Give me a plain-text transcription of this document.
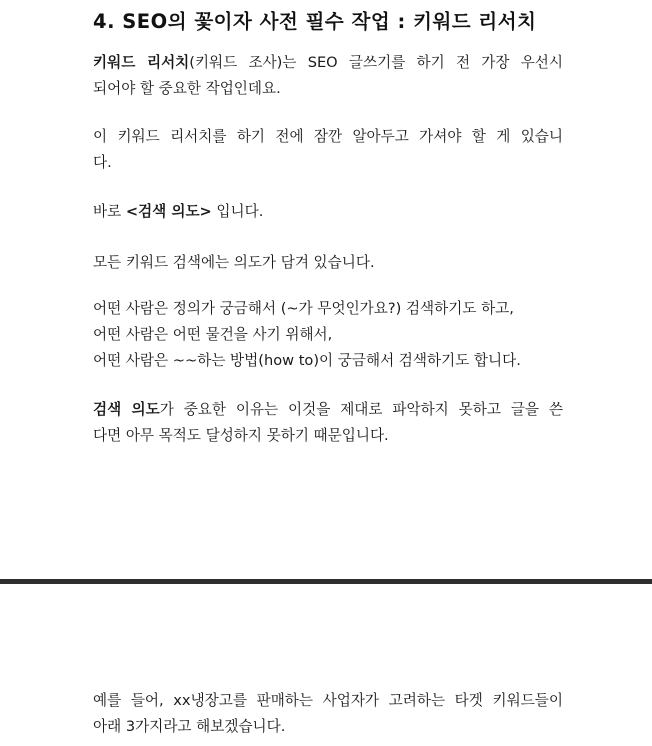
4. SEO의 꽃이자 사전 필수 작업 : 키워드 리서치
키워드 리서치(키워드 조사)는 SEO 글쓰기를 하기 전 가장 우선시
되어야 할 중요한 작업인데요.
이 키워드 리서치를 하기 전에 잠깐 알아두고 가셔야 할 게 있습니
다.
바로 <검색 의도> 입니다.
모든 키워드 검색에는 의도가 담겨 있습니다.
어떤 사람은 정의가 궁금해서 (~가 무엇인가요?) 검색하기도 하고,
어떤 사람은 어떤 물건을 사기 위해서,
어떤 사람은 ~~하는 방법(how to)이 궁금해서 검색하기도 합니다.
검색 의도가 중요한 이유는 이것을 제대로 파악하지 못하고 글을 쓴
다면 아무 목적도 달성하지 못하기 때문입니다.
예를 들어, xx냉장고를 판매하는 사업자가 고려하는 타겟 키워드들이
아래 3가지라고 해보겠습니다.
